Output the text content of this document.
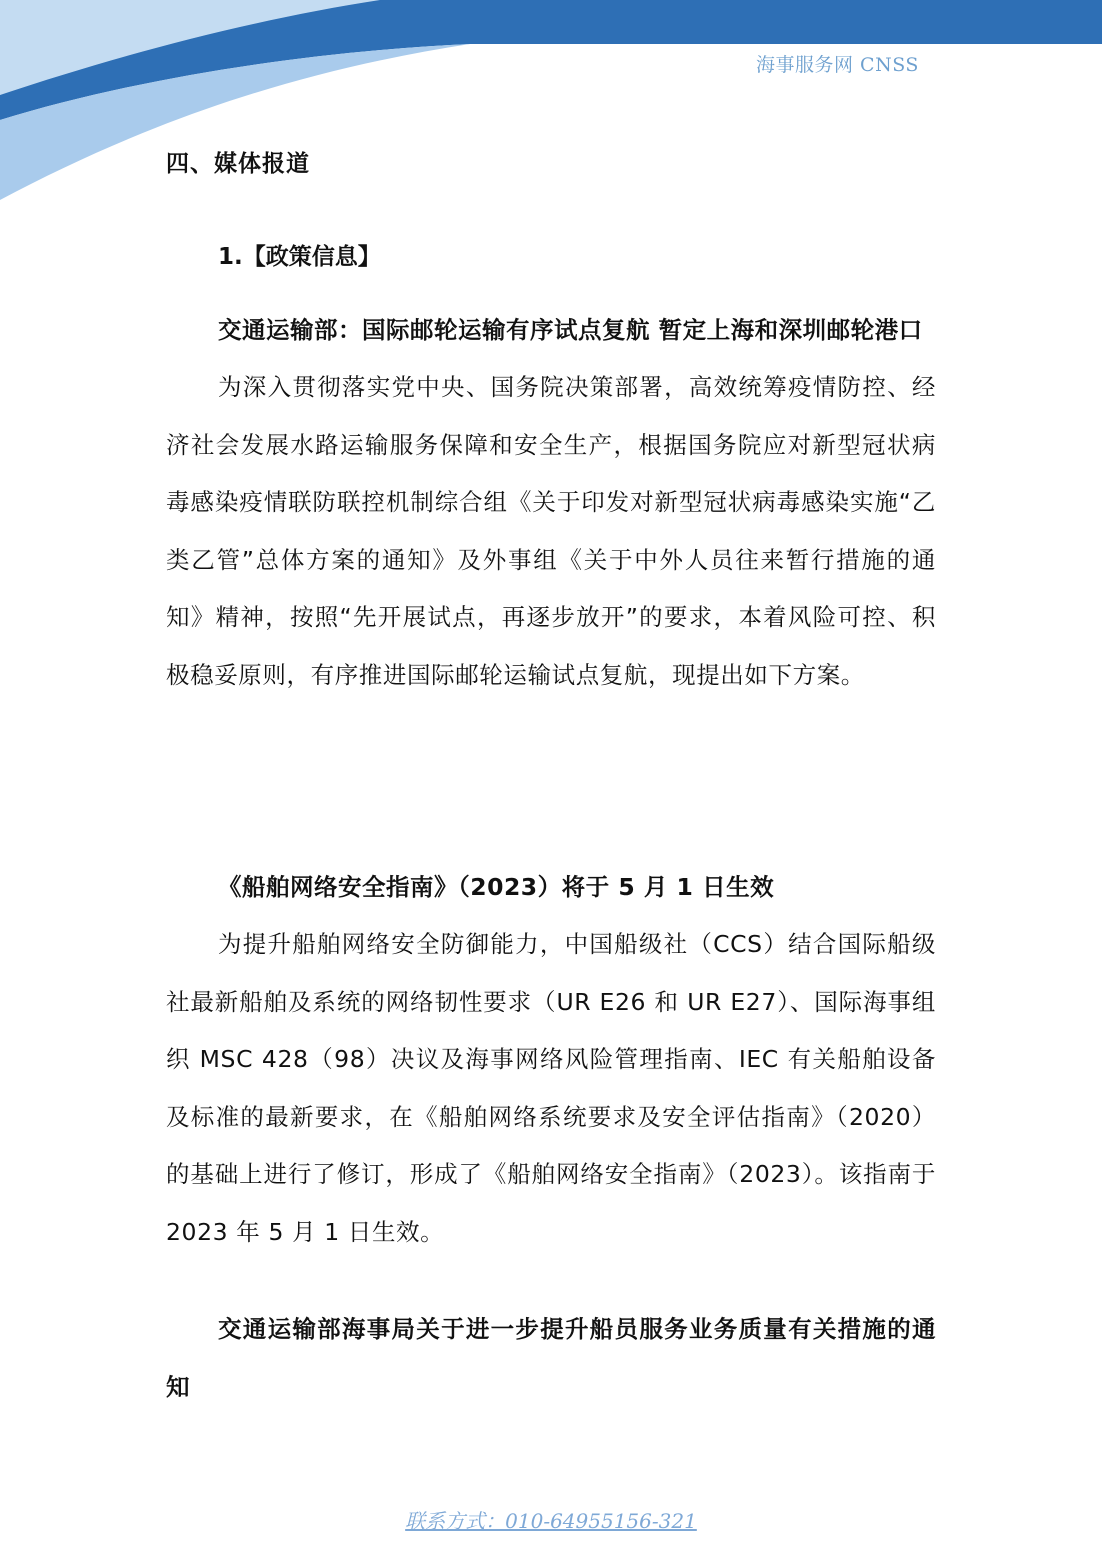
海事服务网 CNSS
四、媒体报道
1.【政策信息】

交通运输部：国际邮轮运输有序试点复航 暂定上海和深圳邮轮港口

为深入贯彻落实党中央、国务院决策部署，高效统筹疫情防控、经济社会发展水路运输服务保障和安全生产，根据国务院应对新型冠状病毒感染疫情联防联控机制综合组《关于印发对新型冠状病毒感染实施“乙类乙管”总体方案的通知》及外事组《关于中外人员往来暂行措施的通知》精神，按照“先开展试点，再逐步放开”的要求，本着风险可控、积极稳妥原则，有序推进国际邮轮运输试点复航，现提出如下方案。

《船舶网络安全指南》（2023）将于 5 月 1 日生效

为提升船舶网络安全防御能力，中国船级社（CCS）结合国际船级社最新船舶及系统的网络韧性要求（UR E26 和 UR E27）、国际海事组织 MSC 428（98）决议及海事网络风险管理指南、IEC 有关船舶设备及标准的最新要求，在《船舶网络系统要求及安全评估指南》（2020）的基础上进行了修订，形成了《船舶网络安全指南》（2023）。该指南于 2023 年 5 月 1 日生效。

交通运输部海事局关于进一步提升船员服务业务质量有关措施的通知

联系方式：010-64955156-321
